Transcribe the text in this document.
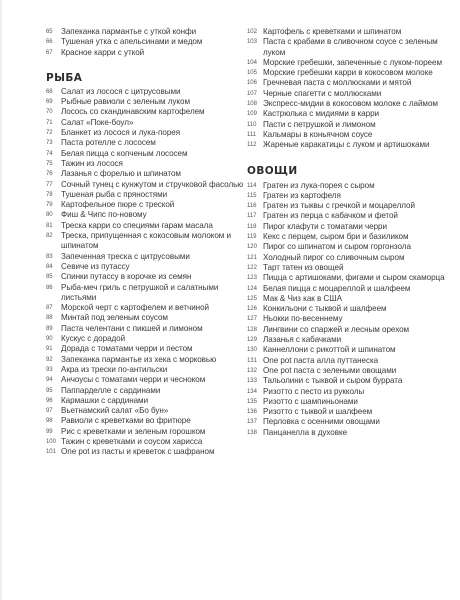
65	Запеканка пармантье с уткой конфи
66	Тушеная утка с апельсинами и медом
67	Красное карри с уткой
РЫБА
68	Салат из лосося с цитрусовыми
69	Рыбные равиоли с зеленым луком
70	Лосось со скандинавским картофелем
71	Салат «Поке-боул»
72	Бланкет из лосося и лука-порея
73	Паста ротелле с лососем
74	Белая пицца с копченым лососем
75	Тажин из лосося
76	Лазанья с форелью и шпинатом
77	Сочный тунец с кунжутом и стручковой фасолью
78	Тушеная рыба с пряностями
79	Картофельное пюре с треской
80	Фиш & Чипс по-новому
81	Треска карри со специями гарам масала
82	Треска, припущенная с кокосовым молоком и шпинатом
83	Запеченная треска с цитрусовыми
84	Севиче из путассу
85	Спинки путассу в корочке из семян
86	Рыба-меч гриль с петрушкой и салатными листьями
87	Морской черт с картофелем и ветчиной
88	Минтай под зеленым соусом
89	Паста челентани с пикшей и лимоном
90	Кускус с дорадой
91	Дорада с томатами черри и пестом
92	Запеканка пармантье из хека с морковью
93	Акра из трески по-антильски
94	Анчоусы с томатами черри и чесноком
95	Паппарделле с сардинами
96	Кармашки с сардинами
97	Вьетнамский салат «Бо бун»
98	Равиоли с креветками во фритюре
99	Рис с креветками и зеленым горошком
100 Тажин с креветками и соусом харисса
101 One pot из пасты и креветок с шафраном
102 Картофель с креветками и шпинатом
103 Паста с крабами в сливочном соусе с зеленым луком
104 Морские гребешки, запеченные с луком-пореем
105 Морские гребешки карри в кокосовом молоке
106 Гречневая паста с моллюсками и мятой
107 Черные спагетти с моллюсками
108 Экспресс-мидии в кокосовом молоке с лаймом
109 Кастрюлька с мидиями в карри
110 Пасти с петрушкой и лимоном
111 Кальмары в коньячном соусе
112 Жареные каракатицы с луком и артишоками
ОВОЩИ
114 Гратен из лука-порея с сыром
115 Гратен из картофеля
116 Гратен из тыквы с гречкой и моцареллой
117 Гратен из перца с кабачком и фетой
118 Пирог клафути с томатами черри
119 Кекс с перцем, сыром бри и базиликом
120 Пирог со шпинатом и сыром горгонзола
121 Холодный пирог со сливочным сыром
122 Тарт татен из овощей
123 Пицца с артишоками, фигами и сыром скаморца
124 Белая пицца с моцареллой и шалфеем
125 Мак & Чиз как в США
126 Конкильони с тыквой и шалфеем
127 Ньокки по-весеннему
128 Лингвини со спаржей и лесным орехом
129 Лазанья с кабачками
130 Каннеллони с рикоттой и шпинатом
131 One pot паста алла путтанеска
132 One pot паста с зелеными овощами
133 Тальолини с тыквой и сыром буррата
134 Ризотто с песто из рукколы
135 Ризотто с шампиньонами
136 Ризотто с тыквой и шалфеем
137 Перловка с осенними овощами
138 Панцанелла в духовке
